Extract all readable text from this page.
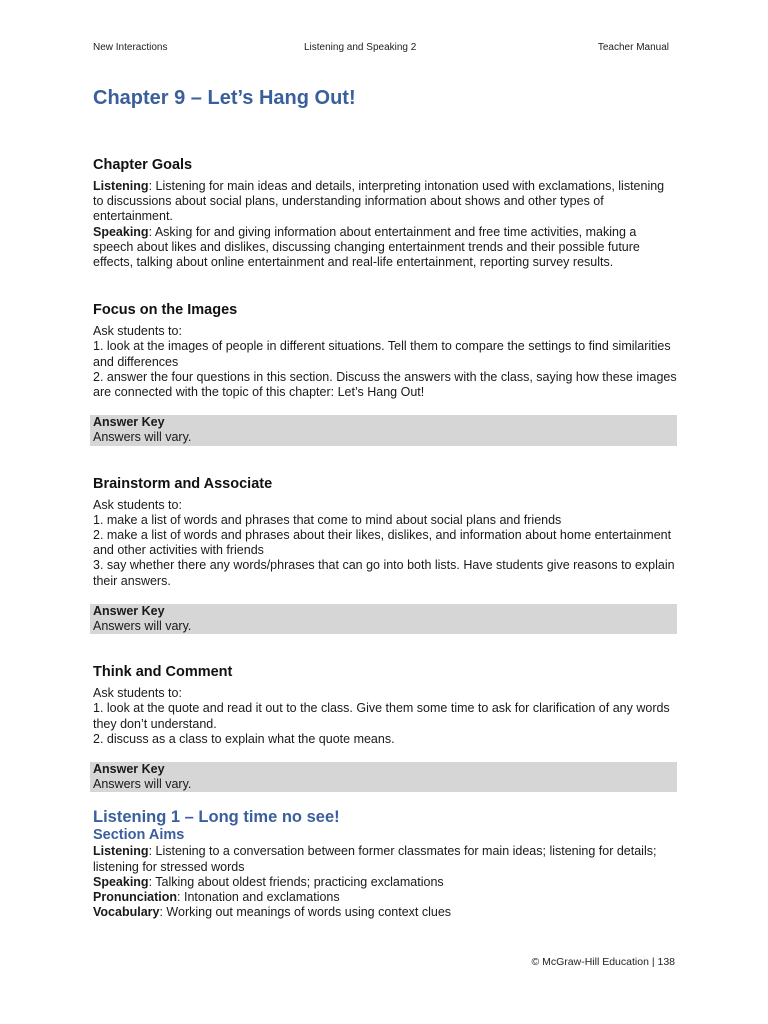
New Interactions	Listening and Speaking 2	Teacher Manual
Chapter 9 – Let’s Hang Out!
Chapter Goals

Listening: Listening for main ideas and details, interpreting intonation used with exclamations, listening to discussions about social plans, understanding information about shows and other types of entertainment.

Speaking: Asking for and giving information about entertainment and free time activities, making a speech about likes and dislikes, discussing changing entertainment trends and their possible future effects, talking about online entertainment and real-life entertainment, reporting survey results.

Focus on the Images

Ask students to:

1. look at the images of people in different situations. Tell them to compare the settings to find similarities and differences

2. answer the four questions in this section. Discuss the answers with the class, saying how these images are connected with the topic of this chapter: Let’s Hang Out!

Answer Key
Answers will vary.
Brainstorm and Associate

Ask students to:

1. make a list of words and phrases that come to mind about social plans and friends

2. make a list of words and phrases about their likes, dislikes, and information about home entertainment and other activities with friends

3. say whether there any words/phrases that can go into both lists. Have students give reasons to explain their answers.

Answer Key
Answers will vary.
Think and Comment

Ask students to:

1. look at the quote and read it out to the class. Give them some time to ask for clarification of any words they don’t understand.

2. discuss as a class to explain what the quote means.

Answer Key
Answers will vary.
Listening 1 – Long time no see!
Section Aims

Listening: Listening to a conversation between former classmates for main ideas; listening for details; listening for stressed words

Speaking: Talking about oldest friends; practicing exclamations

Pronunciation: Intonation and exclamations

Vocabulary: Working out meanings of words using context clues

© McGraw-Hill Education | 138
